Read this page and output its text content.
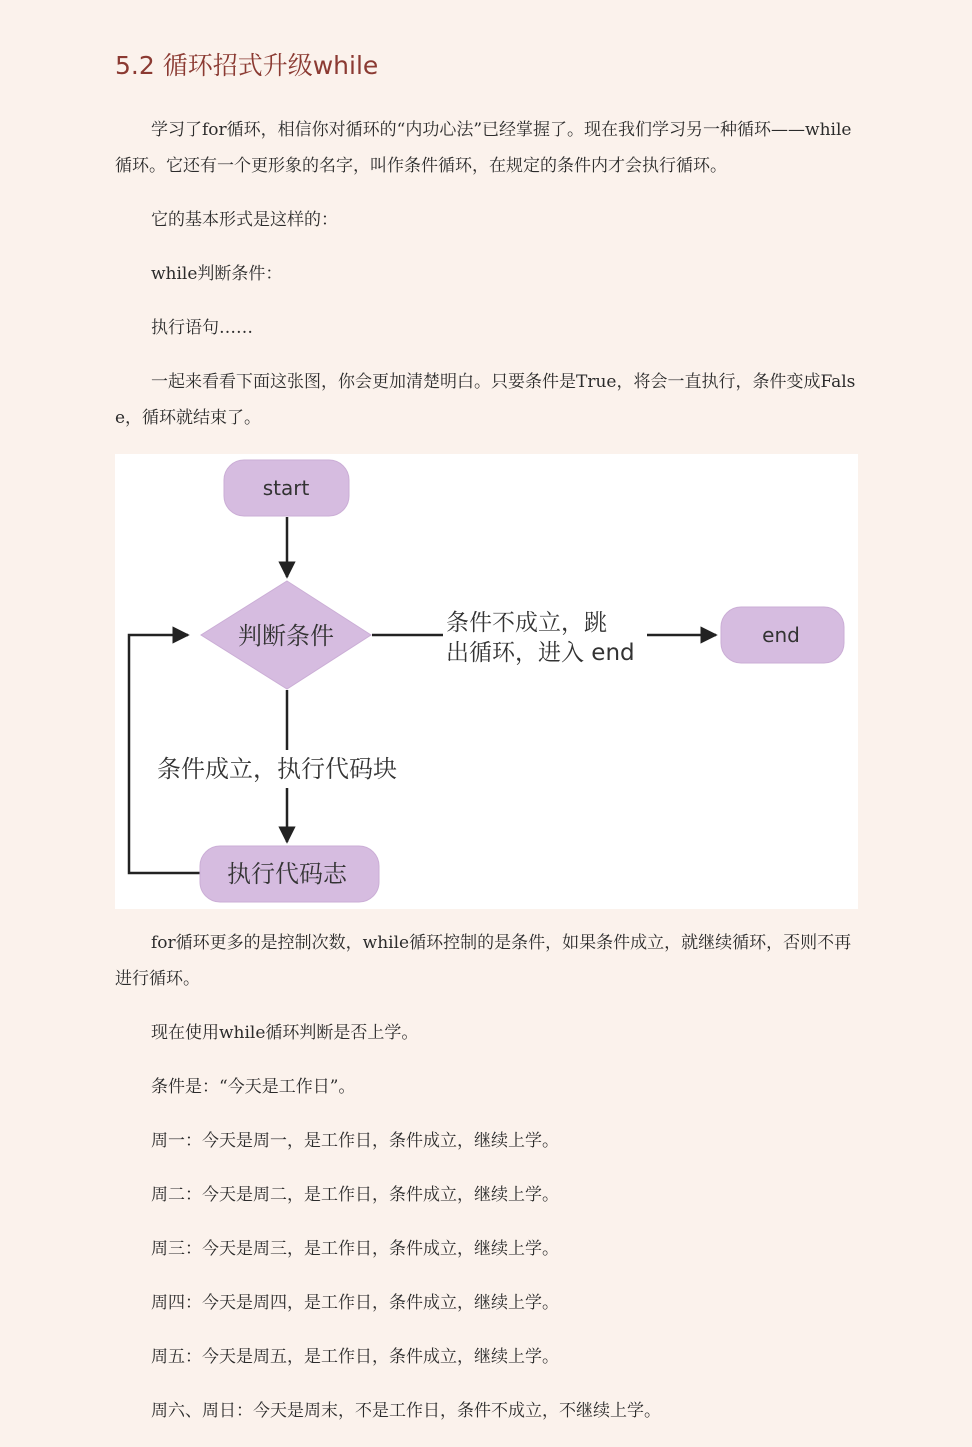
5.2 循环招式升级while

学习了for循环，相信你对循环的“内功心法”已经掌握了。现在我们学习另一种循环——while循环。它还有一个更形象的名字，叫作条件循环，在规定的条件内才会执行循环。

它的基本形式是这样的：

while判断条件：

执行语句……

一起来看看下面这张图，你会更加清楚明白。只要条件是True，将会一直执行，条件变成False，循环就结束了。

start
判断条件	end
执行代码志
条件不成立，跳
出循环，进入 end
条件成立，执行代码块

for循环更多的是控制次数，while循环控制的是条件，如果条件成立，就继续循环，否则不再进行循环。

现在使用while循环判断是否上学。

条件是：“今天是工作日”。

周一：今天是周一，是工作日，条件成立，继续上学。

周二：今天是周二，是工作日，条件成立，继续上学。

周三：今天是周三，是工作日，条件成立，继续上学。

周四：今天是周四，是工作日，条件成立，继续上学。

周五：今天是周五，是工作日，条件成立，继续上学。

周六、周日：今天是周末，不是工作日，条件不成立，不继续上学。
